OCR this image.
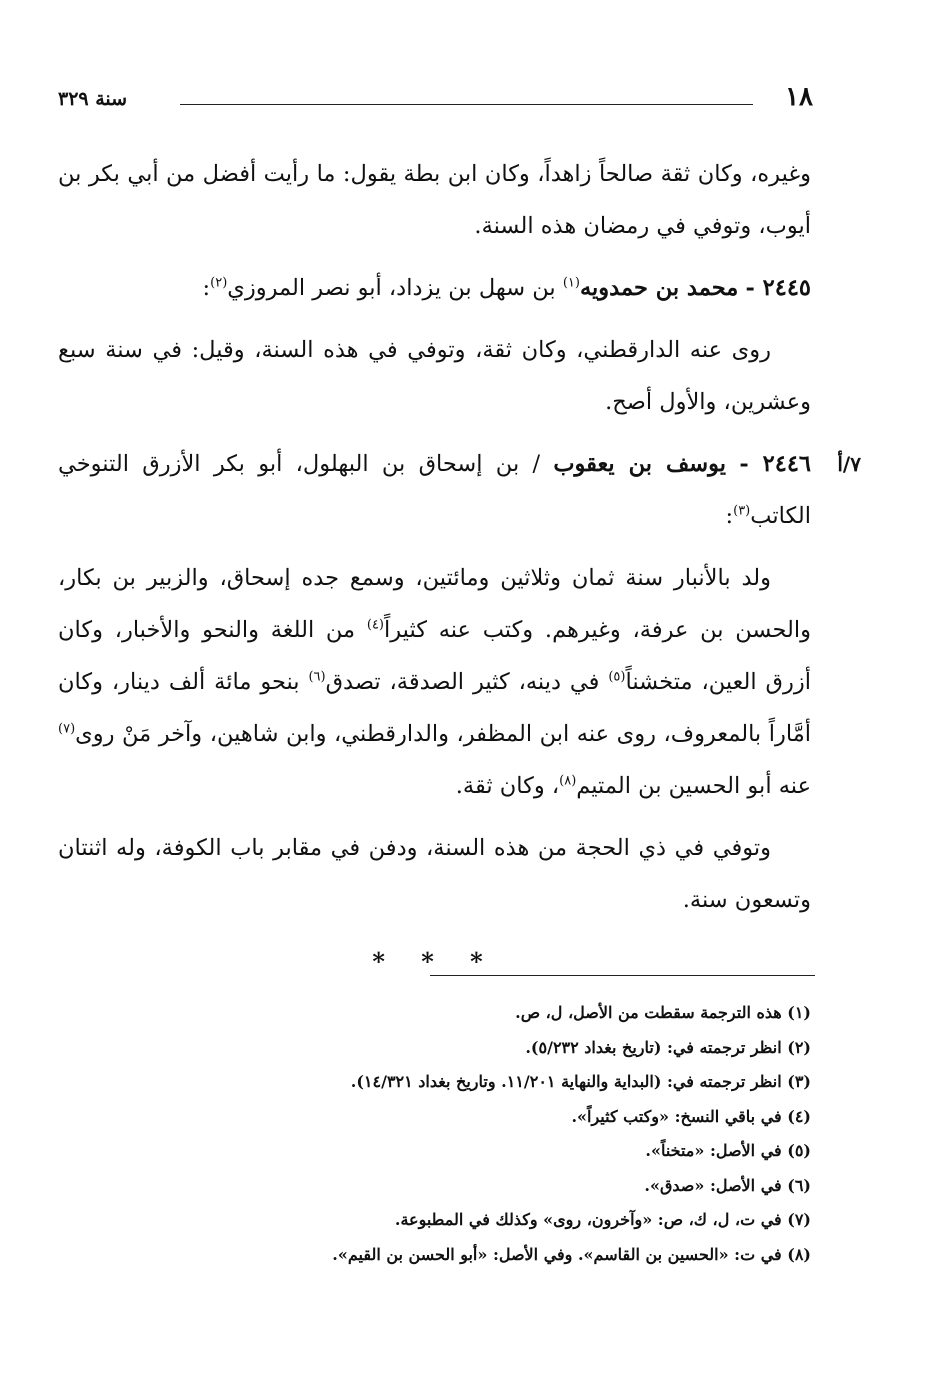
١٨
سنة ٣٢٩

وغيره، وكان ثقة صالحاً زاهداً، وكان ابن بطة يقول: ما رأيت أفضل من أبي بكر بن أيوب، وتوفي في رمضان هذه السنة.

٢٤٤٥ - محمد بن حمدويه$^{(١)}$ بن سهل بن يزداد، أبو نصر المروزي$^{(٢)}$:

روى عنه الدارقطني، وكان ثقة، وتوفي في هذه السنة، وقيل: في سنة سبع وعشرين، والأول أصح.

٧/أ
٢٤٤٦ - يوسف بن يعقوب / بن إسحاق بن البهلول، أبو بكر الأزرق التنوخي الكاتب$^{(٣)}$:

ولد بالأنبار سنة ثمان وثلاثين ومائتين، وسمع جده إسحاق، والزبير بن بكار، والحسن بن عرفة، وغيرهم. وكتب عنه كثيراً$^{(٤)}$ من اللغة والنحو والأخبار، وكان أزرق العين، متخشناً$^{(٥)}$ في دينه، كثير الصدقة، تصدق$^{(٦)}$ بنحو مائة ألف دينار، وكان أمَّاراً بالمعروف، روى عنه ابن المظفر، والدارقطني، وابن شاهين، وآخر مَنْ روى$^{(٧)}$ عنه أبو الحسين بن المتيم$^{(٨)}$، وكان ثقة.

وتوفي في ذي الحجة من هذه السنة، ودفن في مقابر باب الكوفة، وله اثنتان وتسعون سنة.

* * *
(١) هذه الترجمة سقطت من الأصل، ل، ص.
(٢) انظر ترجمته في: (تاريخ بغداد ٥/٢٣٢).
(٣) انظر ترجمته في: (البداية والنهاية ١١/٢٠١. وتاريخ بغداد ١٤/٣٢١).
(٤) في باقي النسخ: «وكتب كثيراً».
(٥) في الأصل: «متخناً».
(٦) في الأصل: «صدق».
(٧) في ت، ل، ك، ص: «وآخرون، روى» وكذلك في المطبوعة.
(٨) في ت: «الحسين بن القاسم». وفي الأصل: «أبو الحسن بن القيم».
